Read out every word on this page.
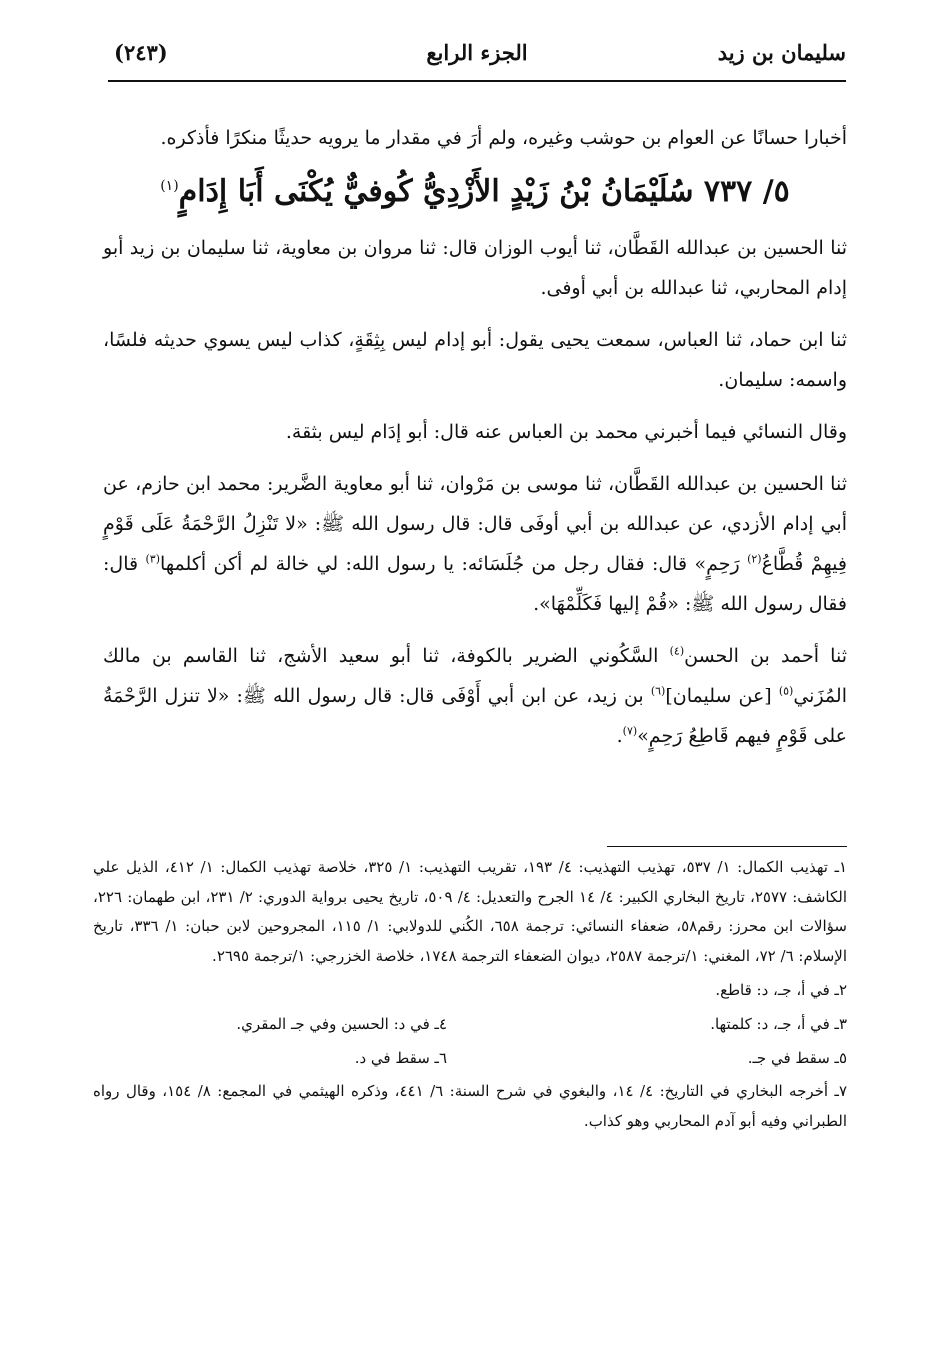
سليمان بن زيد
الجزء الرابع
(٢٤٣)

أخبارا حسانًا عن العوام بن حوشب وغيره، ولم أرَ في مقدار ما يرويه حديثًا منكرًا فأذكره.

٥/ ٧٣٧ سُلَيْمَانُ بْنُ زَيْدٍ الأَزْدِيُّ كُوفيٌّ يُكْنَى أَبَا إِدَامٍ$^{(١)}$

ثنا الحسين بن عبدالله القَطَّان، ثنا أيوب الوزان قال: ثنا مروان بن معاوية، ثنا سليمان بن زيد أبو إدام المحاربي، ثنا عبدالله بن أبي أوفى.

ثنا ابن حماد، ثنا العباس، سمعت يحيى يقول: أبو إدام ليس بِثِقَةٍ، كذاب ليس يسوي حديثه فلسًا، واسمه: سليمان.

وقال النسائي فيما أخبرني محمد بن العباس عنه قال: أبو إدَام ليس بثقة.

ثنا الحسين بن عبدالله القَطَّان، ثنا موسى بن مَرْوان، ثنا أبو معاوية الضَّرير: محمد ابن حازم، عن أبي إدام الأزدي، عن عبدالله بن أبي أوفَى قال: قال رسول الله ﷺ: «لا تَنْزِلُ الرَّحْمَةُ عَلَى قَوْمٍ فِيهِمْ قُطَّاعُ$^{(٢)}$ رَحِمٍ» قال: فقال رجل من جُلَسَائه: يا رسول الله: لي خالة لم أكن أكلمها$^{(٣)}$ قال: فقال رسول الله ﷺ: «قُمْ إليها فَكَلِّمْهَا».

ثنا أحمد بن الحسن$^{(٤)}$ السَّكُوني الضرير بالكوفة، ثنا أبو سعيد الأشج، ثنا القاسم بن مالك المُزَني$^{(٥)}$ [عن سليمان]$^{(٦)}$ بن زيد، عن ابن أبي أَوْفَى قال: قال رسول الله ﷺ: «لا تنزل الرَّحْمَةُ على قَوْمٍ فيهم قَاطِعُ رَحِمٍ»$^{(٧)}$.

١ـ تهذيب الكمال: ١/ ٥٣٧، تهذيب التهذيب: ٤/ ١٩٣، تقريب التهذيب: ١/ ٣٢٥، خلاصة تهذيب الكمال: ١/ ٤١٢، الذيل علي الكاشف: ٢٥٧٧، تاريخ البخاري الكبير: ٤/ ١٤ الجرح والتعديل: ٤/ ٥٠٩، تاريخ يحيى برواية الدوري: ٢/ ٢٣١، ابن طهمان: ٢٢٦، سؤالات ابن محرز: رقم٥٨، ضعفاء النسائي: ترجمة ٦٥٨، الكُني للدولابي: ١/ ١١٥، المجروحين لابن حبان: ١/ ٣٣٦، تاريخ الإسلام: ٦/ ٧٢، المغني: ١/ترجمة ٢٥٨٧، ديوان الضعفاء الترجمة ١٧٤٨، خلاصة الخزرجي: ١/ترجمة ٢٦٩٥.

٢ـ في أ، جـ، د: قاطع.
٣ـ في أ، جـ، د: كلمتها.
٤ـ في د: الحسين وفي جـ المقري.
٥ـ سقط في جـ.
٦ـ سقط في د.

٧ـ أخرجه البخاري في التاريخ: ٤/ ١٤، والبغوي في شرح السنة: ٦/ ٤٤١، وذكره الهيثمي في المجمع: ٨/ ١٥٤، وقال رواه الطبراني وفيه أبو آدم المحاربي وهو كذاب.
